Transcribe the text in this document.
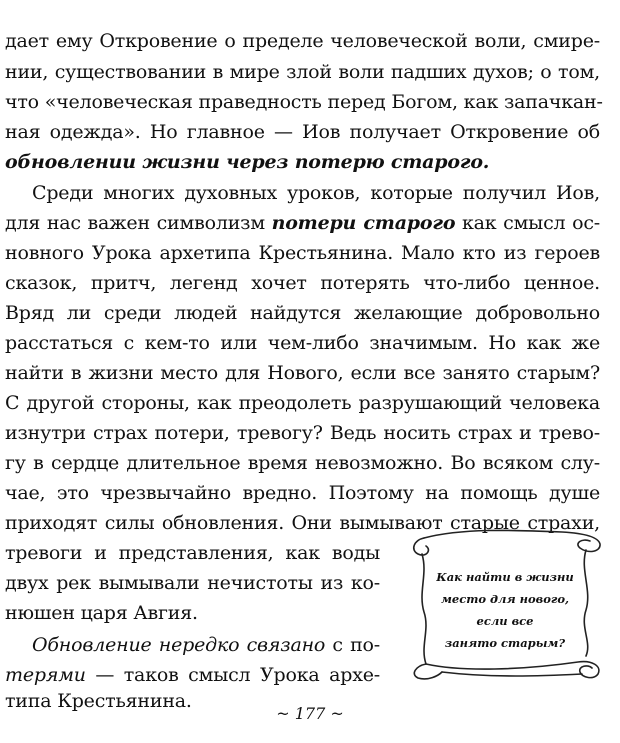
дает ему Откровение о пределе человеческой воли, смире-
нии, существовании в мире злой воли падших духов; о том,
что «человеческая праведность перед Богом, как запачкан-
ная одежда». Но главное — Иов получает Откровение об
обновлении жизни через потерю старого.
Среди многих духовных уроков, которые получил Иов,
для нас важен символизм потери старого как смысл ос-
новного Урока архетипа Крестьянина. Мало кто из героев
сказок, притч, легенд хочет потерять что-либо ценное.
Вряд ли среди людей найдутся желающие добровольно
расстаться с кем-то или чем-либо значимым. Но как же
найти в жизни место для Нового, если все занято старым?
С другой стороны, как преодолеть разрушающий человека
изнутри страх потери, тревогу? Ведь носить страх и трево-
гу в сердце длительное время невозможно. Во всяком слу-
чае, это чрезвычайно вредно. Поэтому на помощь душе
приходят силы обновления. Они вымывают старые страхи,
тревоги и представления, как воды
двух рек вымывали нечистоты из ко-
нюшен царя Авгия.
Обновление нередко связано с по-
терями — таков смысл Урока архе-
типа Крестьянина.
Как найти в жизни
место для нового,
если все
занято старым?
~ 177 ~
